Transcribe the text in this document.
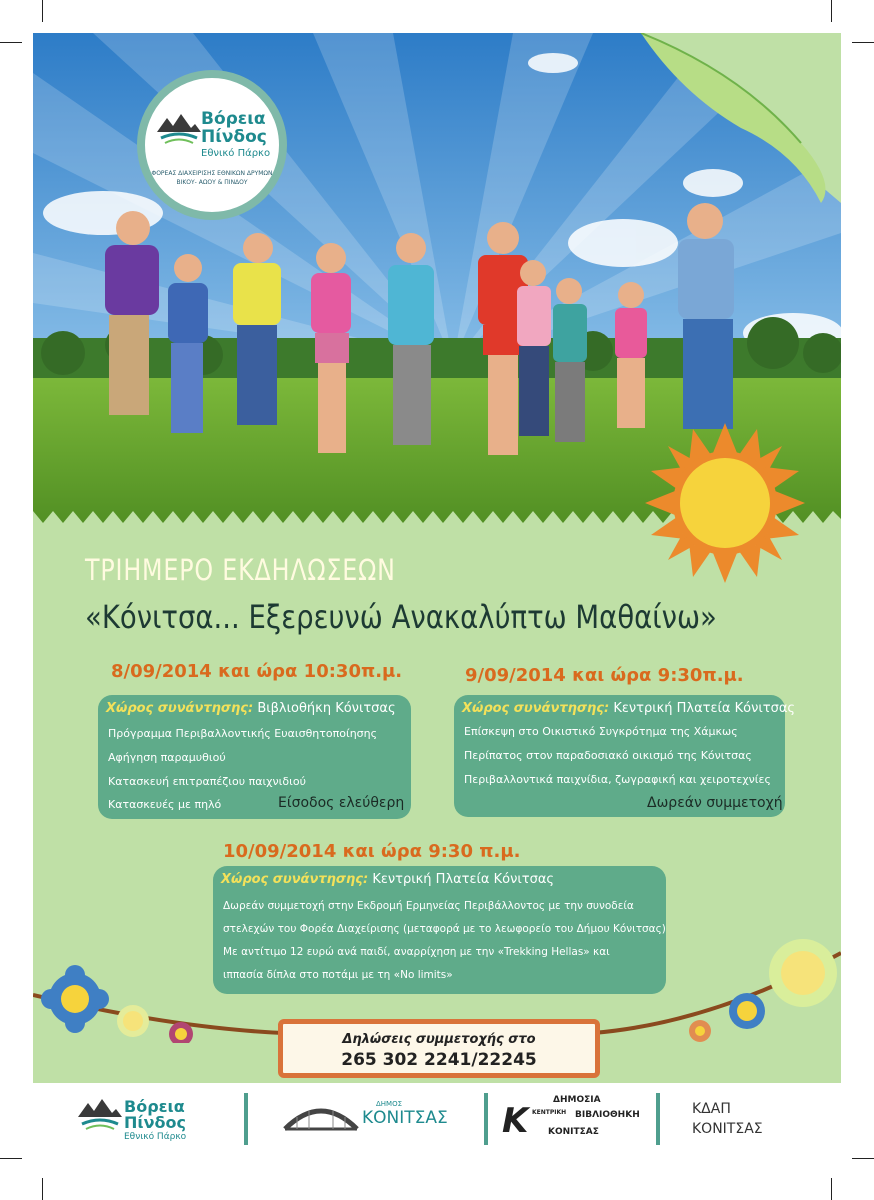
Βόρεια
Πίνδος
Εθνικό Πάρκο
ΦΟΡΕΑΣ ΔΙΑΧΕΙΡΙΣΗΣ ΕΘΝΙΚΩΝ ΔΡΥΜΩΝ ΒΙΚΟΥ- ΑΩΟΥ & ΠΙΝΔΟΥ
ΤΡΙΗΜΕΡΟ ΕΚΔΗΛΩΣΕΩΝ
«Κόνιτσα... Εξερευνώ Ανακαλύπτω Μαθαίνω»
8/09/2014 και ώρα 10:30π.μ.
Χώρος συνάντησης: Βιβλιοθήκη Κόνιτσας
Πρόγραμμα Περιβαλλοντικής Ευαισθητοποίησης
Αφήγηση παραμυθιού
Κατασκευή επιτραπέζιου παιχνιδιού
Κατασκευές με πηλό	Είσοδος ελεύθερη
9/09/2014 και ώρα 9:30π.μ.
Χώρος συνάντησης: Κεντρική Πλατεία Κόνιτσας
Επίσκεψη στο Οικιστικό Συγκρότημα της Χάμκως
Περίπατος στον παραδοσιακό οικισμό της Κόνιτσας
Περιβαλλοντικά παιχνίδια, ζωγραφική και χειροτεχνίες
Δωρεάν συμμετοχή
10/09/2014 και ώρα 9:30 π.μ.
Χώρος συνάντησης: Κεντρική Πλατεία Κόνιτσας
Δωρεάν συμμετοχή στην Εκδρομή Ερμηνείας Περιβάλλοντος με την συνοδεία
στελεχών του Φορέα Διαχείρισης (μεταφορά με το λεωφορείο του Δήμου Κόνιτσας)
Με αντίτιμο 12 ευρώ ανά παιδί, αναρρίχηση με την «Trekking Hellas» και
ιππασία δίπλα στο ποτάμι με τη «No limits»
Δηλώσεις συμμετοχής στο
265 302 2241/22245
Βόρεια
Πίνδος
Εθνικό Πάρκο
ΔΗΜΟΣ
ΚΟΝΙΤΣΑΣ Κ
ΔΗΜΟΣΙΑ
ΒΙΒΛΙΟΘΗΚΗ
ΚΟΝΙΤΣΑΣ
ΚΕΝΤΡΙΚΗ	ΚΔΑΠ
ΚΟΝΙΤΣΑΣ
